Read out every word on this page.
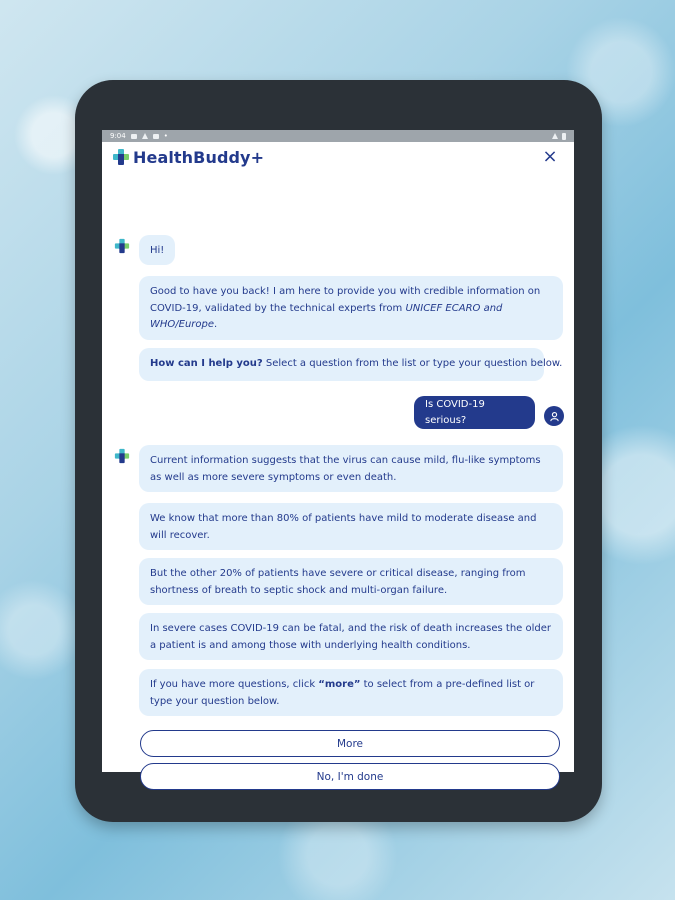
9:04	•
HealthBuddy+	×
Hi!
Good to have you back! I am here to provide you with credible information on COVID-19, validated by the technical experts from UNICEF ECARO and WHO/Europe.
How can I help you? Select a question from the list or type your question below.
Is COVID-19 serious?
Current information suggests that the virus can cause mild, flu-like symptoms as well as more severe symptoms or even death.
We know that more than 80% of patients have mild to moderate disease and will recover.
But the other 20% of patients have severe or critical disease, ranging from shortness of breath to septic shock and multi-organ failure.
In severe cases COVID-19 can be fatal, and the risk of death increases the older a patient is and among those with underlying health conditions.
If you have more questions, click “more” to select from a pre-defined list or type your question below.
More
No, I'm done
